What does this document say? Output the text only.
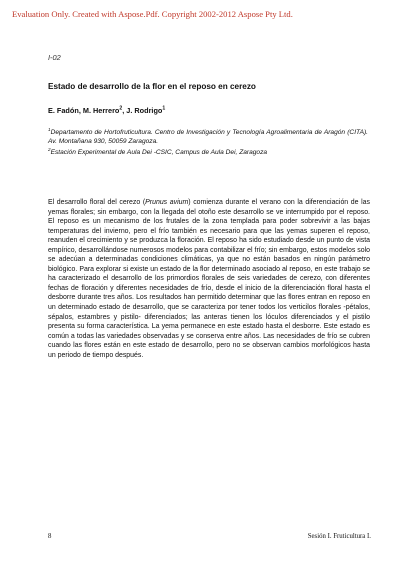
Evaluation Only. Created with Aspose.Pdf. Copyright 2002-2012 Aspose Pty Ltd.
I-02
Estado de desarrollo de la flor en el reposo en cerezo
E. Fadón, M. Herrero$^2$, J. Rodrigo$^1$
$^1$Departamento de Hortofruticultura. Centro de Investigación y Tecnología Agroalimentaria de Aragón (CITA). Av. Montañana 930, 50059 Zaragoza.
$^2$Estación Experimental de Aula Dei -CSIC, Campus de Aula Dei, Zaragoza

El desarrollo floral del cerezo (Prunus avium) comienza durante el verano con la diferenciación de las yemas florales; sin embargo, con la llegada del otoño este desarrollo se ve interrumpido por el reposo. El reposo es un mecanismo de los frutales de la zona templada para poder sobrevivir a las bajas temperaturas del invierno, pero el frío también es necesario para que las yemas superen el reposo, reanuden el crecimiento y se produzca la floración. El reposo ha sido estudiado desde un punto de vista empírico, desarrollándose numerosos modelos para contabilizar el frío; sin embargo, estos modelos solo se adecúan a determinadas condiciones climáticas, ya que no están basados en ningún parámetro biológico. Para explorar si existe un estado de la flor determinado asociado al reposo, en este trabajo se ha caracterizado el desarrollo de los primordios florales de seis variedades de cerezo, con diferentes fechas de floración y diferentes necesidades de frío, desde el inicio de la diferenciación floral hasta el desborre durante tres años. Los resultados han permitido determinar que las flores entran en reposo en un determinado estado de desarrollo, que se caracteriza por tener todos los verticilos florales -pétalos, sépalos, estambres y pistilo- diferenciados; las anteras tienen los lóculos diferenciados y el pistilo presenta su forma característica. La yema permanece en este estado hasta el desborre. Este estado es común a todas las variedades observadas y se conserva entre años. Las necesidades de frío se cubren cuando las flores están en este estado de desarrollo, pero no se observan cambios morfológicos hasta un periodo de tiempo después.

8	Sesión I. Fruticultura I.
